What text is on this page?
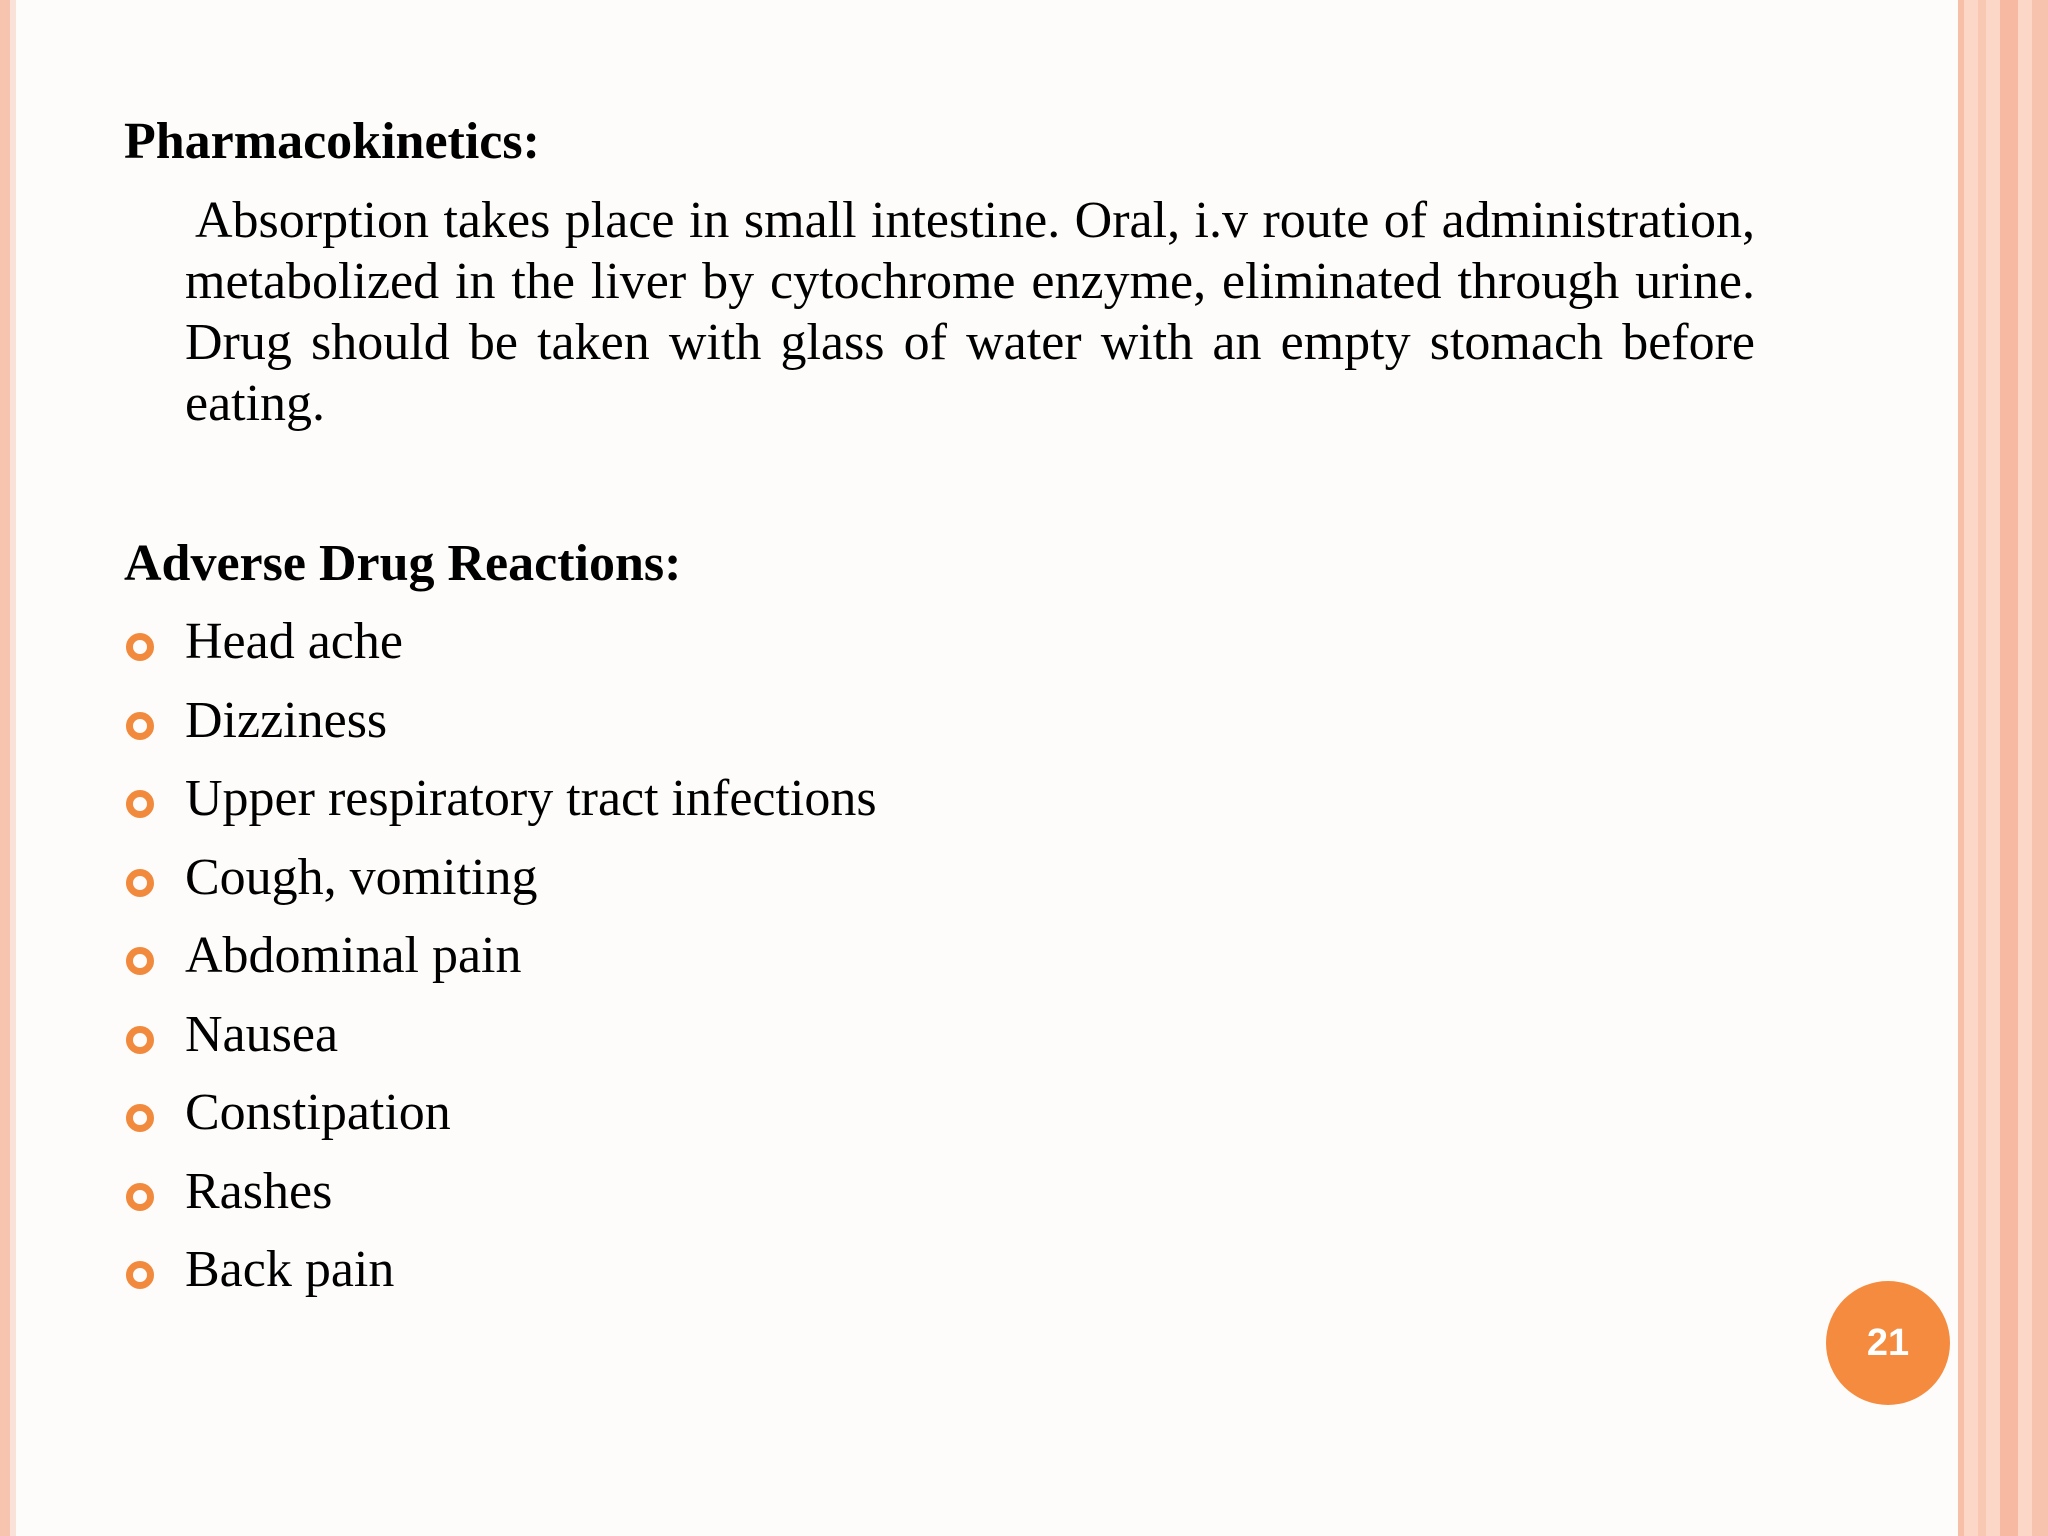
Pharmacokinetics:
Absorption takes place in small intestine. Oral, i.v route of administration, metabolized in the liver by cytochrome enzyme, eliminated through urine. Drug should be taken with glass of water with an empty stomach before eating.
Adverse Drug Reactions:
Head ache
Dizziness
Upper respiratory tract infections
Cough, vomiting
Abdominal pain
Nausea
Constipation
Rashes
Back pain
21
